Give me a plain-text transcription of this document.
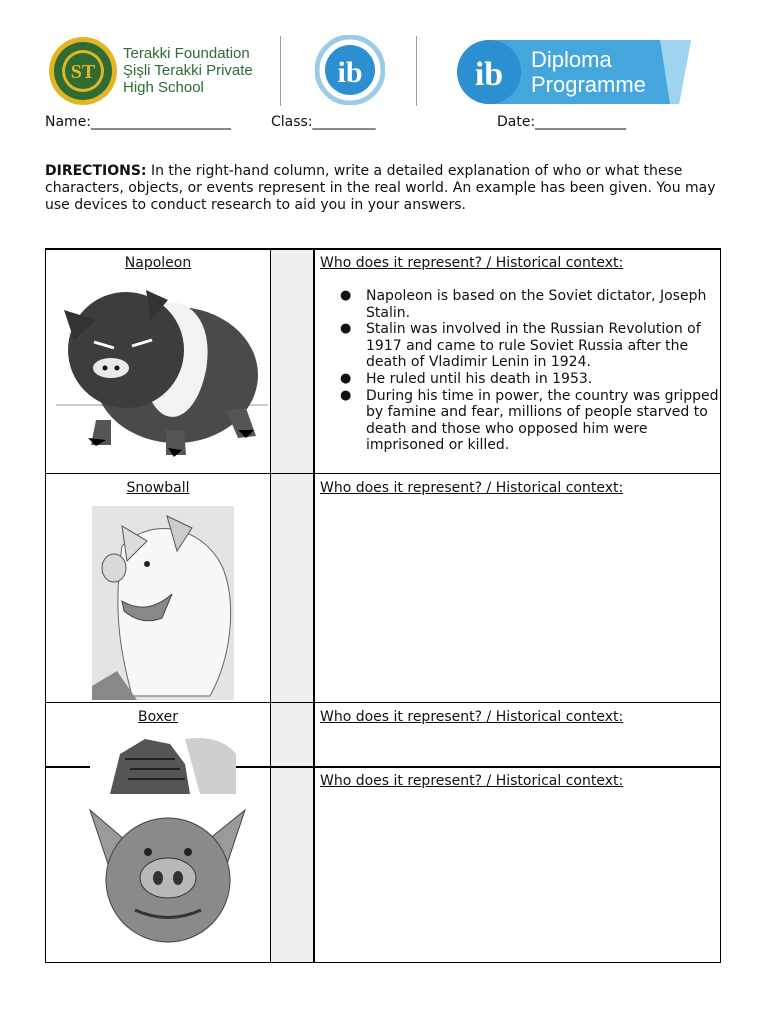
ST
Terakki Foundation
Şişli Terakki Private
High School	ib	ib Diploma
Programme
Name:____________________	Class:_________	Date:_____________
DIRECTIONS: In the right-hand column, write a detailed explanation of who or what these characters, objects, or events represent in the real world. An example has been given. You may use devices to conduct research to aid you in your answers.
Napoleon	Who does it represent? / Historical context:
● Napoleon is based on the Soviet dictator, Joseph Stalin.
● Stalin was involved in the Russian Revolution of 1917 and came to rule Soviet Russia after the death of Vladimir Lenin in 1924.
● He ruled until his death in 1953.
● During his time in power, the country was gripped by famine and fear, millions of people starved to death and those who opposed him were imprisoned or killed.
Snowball	Who does it represent? / Historical context:
Boxer	Who does it represent? / Historical context:
Who does it represent? / Historical context:
